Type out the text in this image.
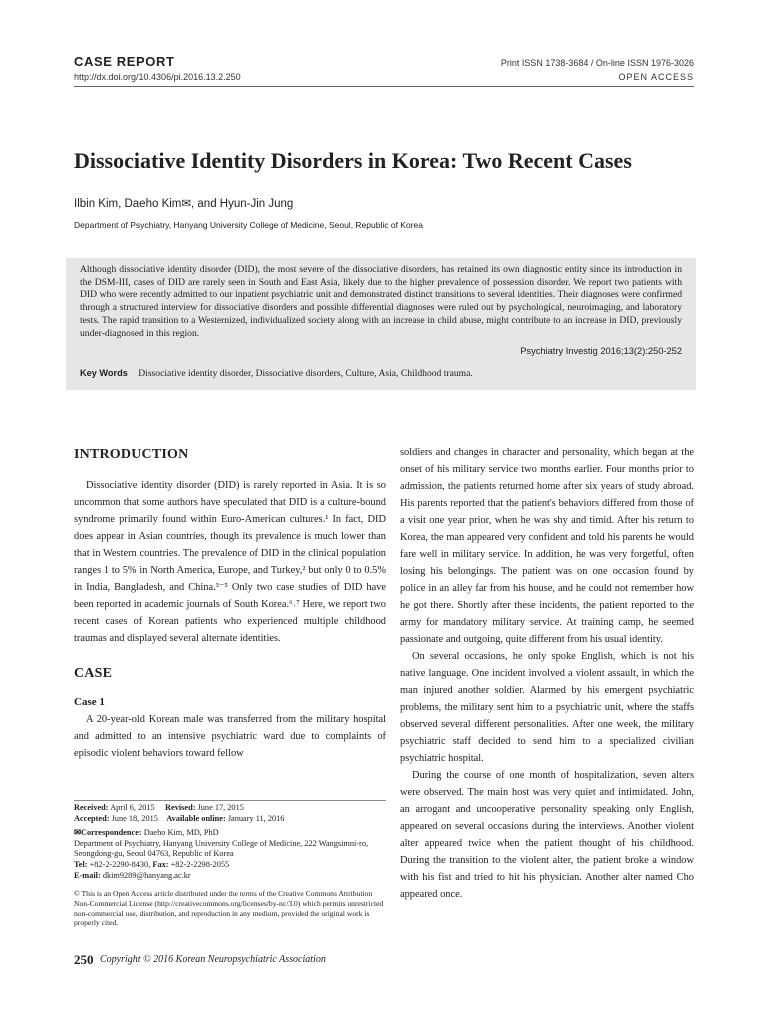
CASE REPORT
http://dx.doi.org/10.4306/pi.2016.13.2.250
Print ISSN 1738-3684 / On-line ISSN 1976-3026
OPEN ACCESS
Dissociative Identity Disorders in Korea: Two Recent Cases
Ilbin Kim, Daeho Kim✉, and Hyun-Jin Jung
Department of Psychiatry, Hanyang University College of Medicine, Seoul, Republic of Korea
Although dissociative identity disorder (DID), the most severe of the dissociative disorders, has retained its own diagnostic entity since its introduction in the DSM-III, cases of DID are rarely seen in South and East Asia, likely due to the higher prevalence of possession disorder. We report two patients with DID who were recently admitted to our inpatient psychiatric unit and demonstrated distinct transitions to several identities. Their diagnoses were confirmed through a structured interview for dissociative disorders and possible differential diagnoses were ruled out by psychological, neuroimaging, and laboratory tests. The rapid transition to a Westernized, individualized society along with an increase in child abuse, might contribute to an increase in DID, previously under-diagnosed in this region.
Psychiatry Investig 2016;13(2):250-252
Key Words Dissociative identity disorder, Dissociative disorders, Culture, Asia, Childhood trauma.
INTRODUCTION

Dissociative identity disorder (DID) is rarely reported in Asia. It is so uncommon that some authors have speculated that DID is a culture-bound syndrome primarily found within Euro-American cultures.¹ In fact, DID does appear in Asian countries, though its prevalence is much lower than that in Western countries. The prevalence of DID in the clinical population ranges 1 to 5% in North America, Europe, and Turkey,² but only 0 to 0.5% in India, Bangladesh, and China.³⁻⁵ Only two case studies of DID have been reported in academic journals of South Korea.⁶˒⁷ Here, we report two recent cases of Korean patients who experienced multiple childhood traumas and displayed several alternate identities.

CASE
Case 1

A 20-year-old Korean male was transferred from the military hospital and admitted to an intensive psychiatric ward due to complaints of episodic violent behaviors toward fellow

Received: April 6, 2015 Revised: June 17, 2015
Accepted: June 18, 2015 Available online: January 11, 2016
✉Correspondence: Daeho Kim, MD, PhD
Department of Psychiatry, Hanyang University College of Medicine, 222 Wangsimni-ro, Seongdong-gu, Seoul 04763, Republic of Korea
Tel: +82-2-2290-8430, Fax: +82-2-2298-2055
E-mail: dkim9289@hanyang.ac.kr
© This is an Open Access article distributed under the terms of the Creative Commons Attribution Non-Commercial License (http://creativecommons.org/licenses/by-nc/3.0) which permits unrestricted non-commercial use, distribution, and reproduction in any medium, provided the original work is properly cited.

soldiers and changes in character and personality, which began at the onset of his military service two months earlier. Four months prior to admission, the patients returned home after six years of study abroad. His parents reported that the patient's behaviors differed from those of a visit one year prior, when he was shy and timid. After his return to Korea, the man appeared very confident and told his parents he would fare well in military service. In addition, he was very forgetful, often losing his belongings. The patient was on one occasion found by police in an alley far from his house, and he could not remember how he got there. Shortly after these incidents, the patient reported to the army for mandatory military service. At training camp, he seemed passionate and outgoing, quite different from his usual identity.

On several occasions, he only spoke English, which is not his native language. One incident involved a violent assault, in which the man injured another soldier. Alarmed by his emergent psychiatric problems, the military sent him to a psychiatric unit, where the staffs observed several different personalities. After one week, the military psychiatric staff decided to send him to a specialized civilian psychiatric hospital.

During the course of one month of hospitalization, seven alters were observed. The main host was very quiet and intimidated. John, an arrogant and uncooperative personality speaking only English, appeared on several occasions during the interviews. Another violent alter appeared twice when the patient thought of his childhood. During the transition to the violent alter, the patient broke a window with his fist and tried to hit his physician. Another alter named Cho appeared once.

250 Copyright © 2016 Korean Neuropsychiatric Association
